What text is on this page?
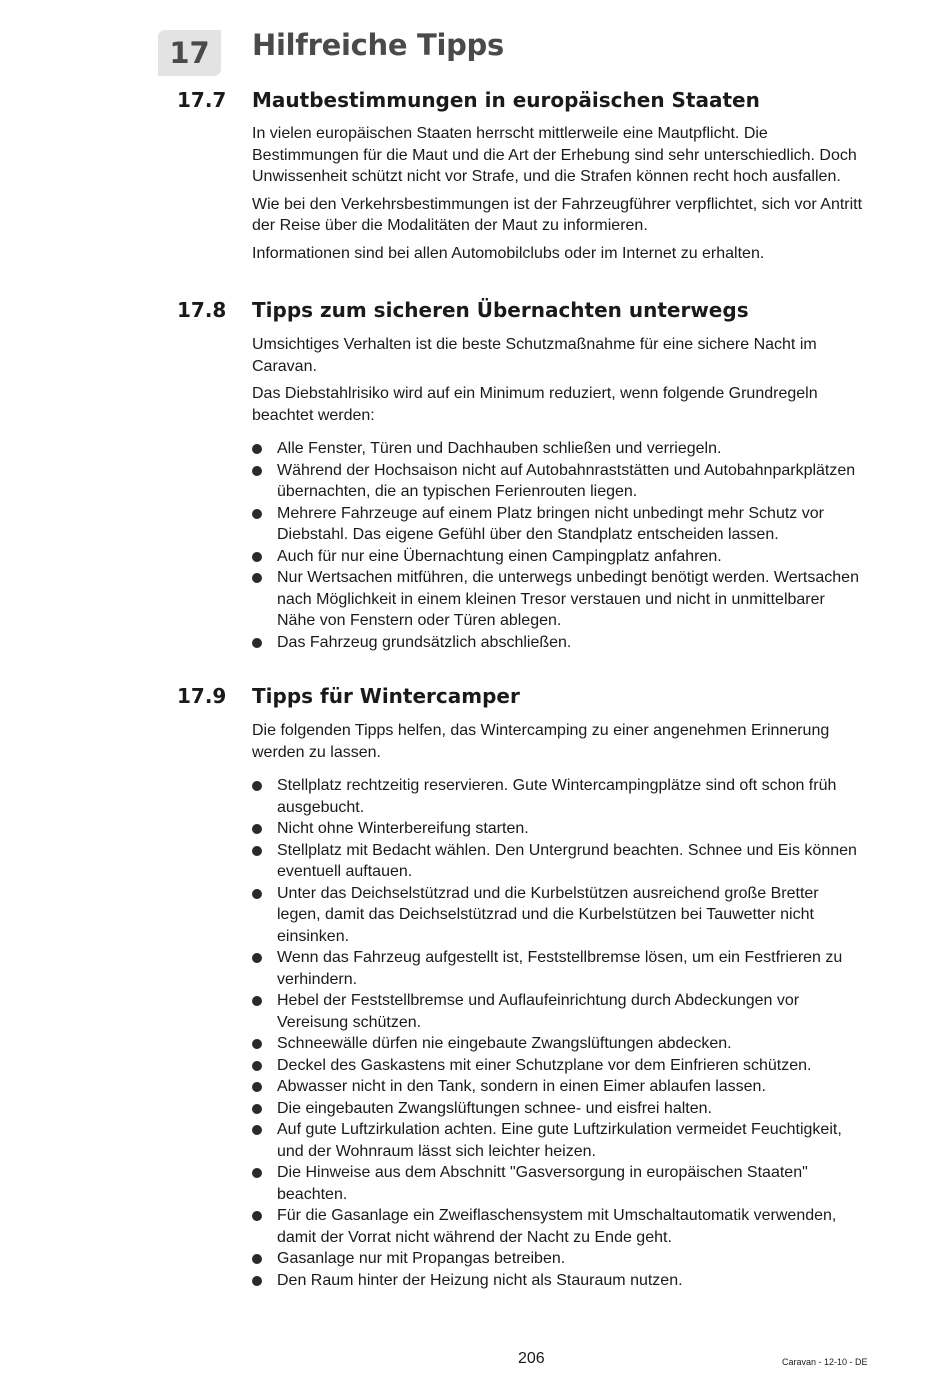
17 Hilfreiche Tipps
17.7 Mautbestimmungen in europäischen Staaten

In vielen europäischen Staaten herrscht mittlerweile eine Mautpflicht. Die Bestimmungen für die Maut und die Art der Erhebung sind sehr unterschiedlich. Doch Unwissenheit schützt nicht vor Strafe, und die Strafen können recht hoch ausfallen.

Wie bei den Verkehrsbestimmungen ist der Fahrzeugführer verpflichtet, sich vor Antritt der Reise über die Modalitäten der Maut zu informieren.

Informationen sind bei allen Automobilclubs oder im Internet zu erhalten.

17.8 Tipps zum sicheren Übernachten unterwegs

Umsichtiges Verhalten ist die beste Schutzmaßnahme für eine sichere Nacht im Caravan.

Das Diebstahlrisiko wird auf ein Minimum reduziert, wenn folgende Grundregeln beachtet werden:

Alle Fenster, Türen und Dachhauben schließen und verriegeln.
Während der Hochsaison nicht auf Autobahnraststätten und Autobahnparkplätzen übernachten, die an typischen Ferienrouten liegen.
Mehrere Fahrzeuge auf einem Platz bringen nicht unbedingt mehr Schutz vor Diebstahl. Das eigene Gefühl über den Standplatz entscheiden lassen.
Auch für nur eine Übernachtung einen Campingplatz anfahren.
Nur Wertsachen mitführen, die unterwegs unbedingt benötigt werden. Wertsachen nach Möglichkeit in einem kleinen Tresor verstauen und nicht in unmittelbarer Nähe von Fenstern oder Türen ablegen.
Das Fahrzeug grundsätzlich abschließen.
17.9 Tipps für Wintercamper

Die folgenden Tipps helfen, das Wintercamping zu einer angenehmen Erinnerung werden zu lassen.

Stellplatz rechtzeitig reservieren. Gute Wintercampingplätze sind oft schon früh ausgebucht.
Nicht ohne Winterbereifung starten.
Stellplatz mit Bedacht wählen. Den Untergrund beachten. Schnee und Eis können eventuell auftauen.
Unter das Deichselstützrad und die Kurbelstützen ausreichend große Bretter legen, damit das Deichselstützrad und die Kurbelstützen bei Tauwetter nicht einsinken.
Wenn das Fahrzeug aufgestellt ist, Feststellbremse lösen, um ein Festfrieren zu verhindern.
Hebel der Feststellbremse und Auflaufeinrichtung durch Abdeckungen vor Vereisung schützen.
Schneewälle dürfen nie eingebaute Zwangslüftungen abdecken.
Deckel des Gaskastens mit einer Schutzplane vor dem Einfrieren schützen.
Abwasser nicht in den Tank, sondern in einen Eimer ablaufen lassen.
Die eingebauten Zwangslüftungen schnee- und eisfrei halten.
Auf gute Luftzirkulation achten. Eine gute Luftzirkulation vermeidet Feuchtigkeit, und der Wohnraum lässt sich leichter heizen.
Die Hinweise aus dem Abschnitt "Gasversorgung in europäischen Staaten" beachten.
Für die Gasanlage ein Zweiflaschensystem mit Umschaltautomatik verwenden, damit der Vorrat nicht während der Nacht zu Ende geht.
Gasanlage nur mit Propangas betreiben.
Den Raum hinter der Heizung nicht als Stauraum nutzen.
206	Caravan - 12-10 - DE
